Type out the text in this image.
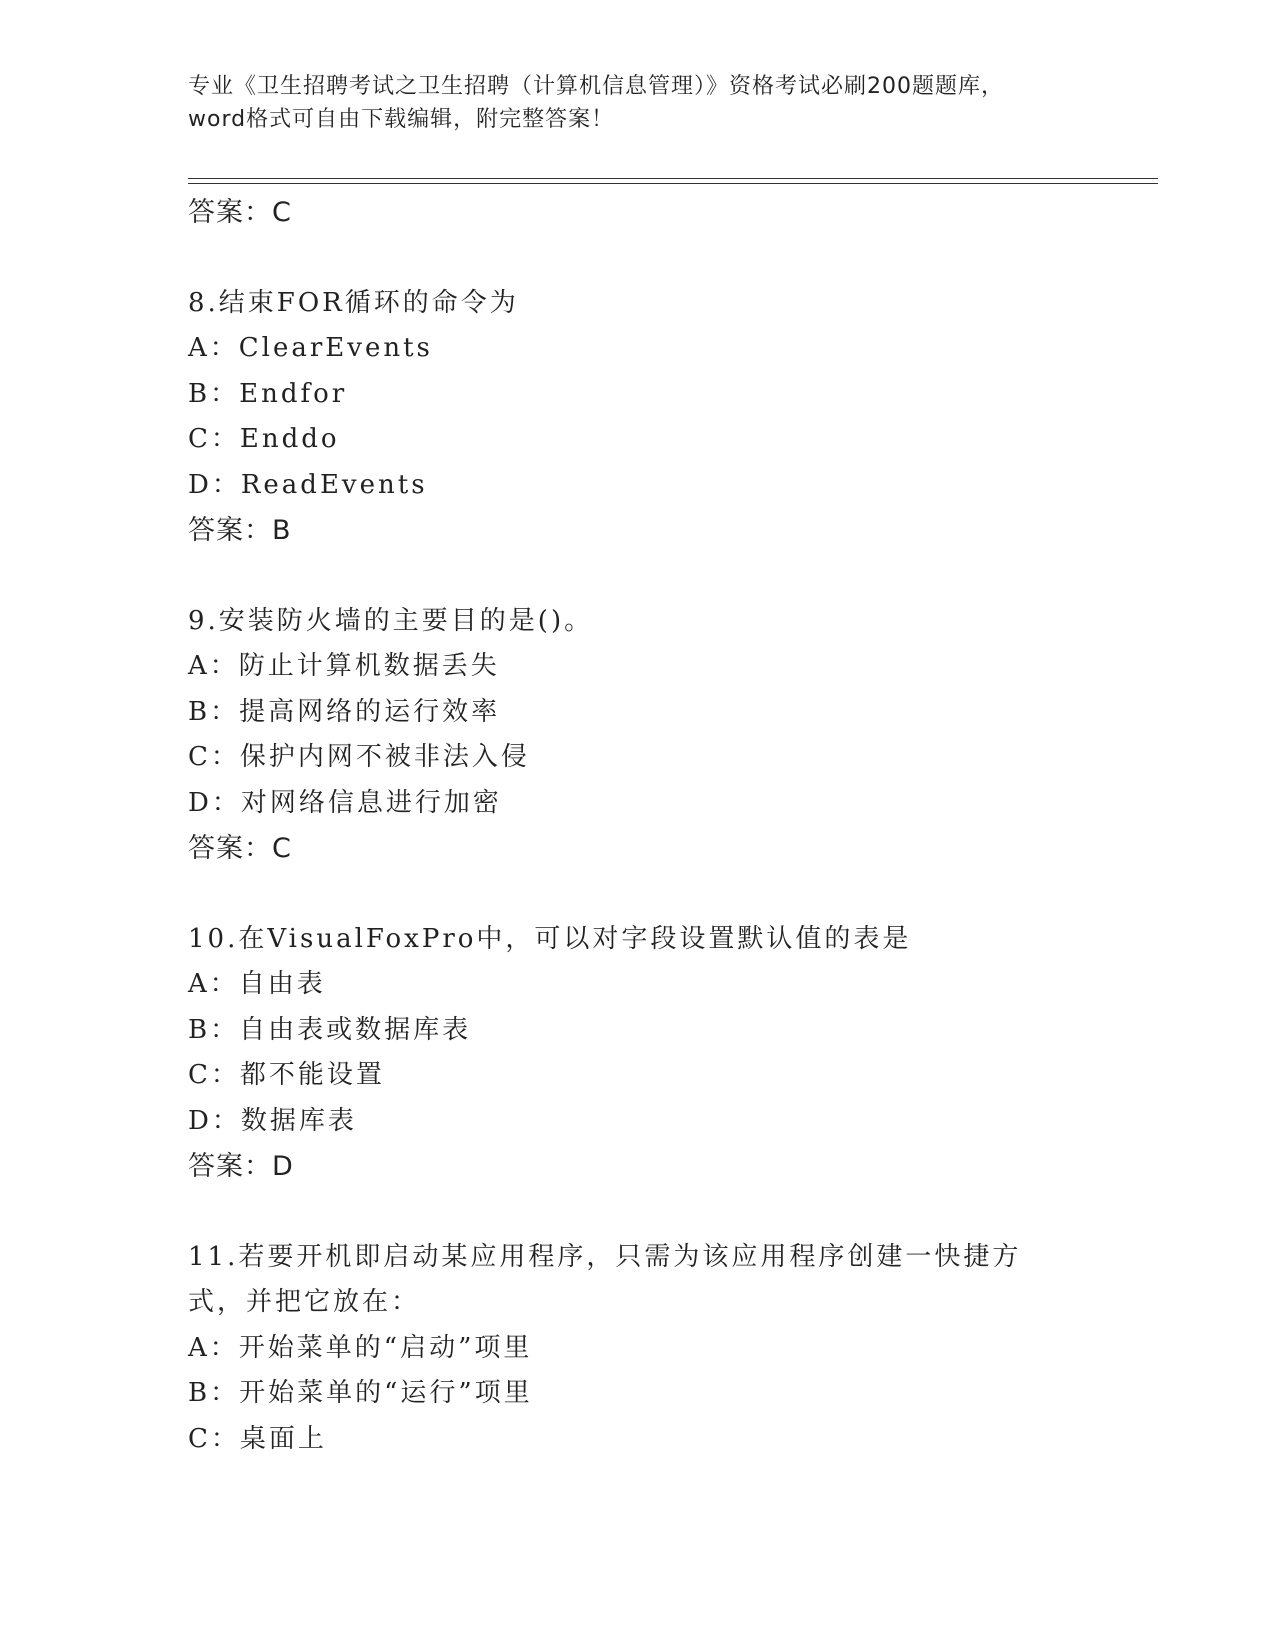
专业《卫生招聘考试之卫生招聘（计算机信息管理）》资格考试必刷200题题库，
word格式可自由下载编辑，附完整答案！
答案：C
8.结束FOR循环的命令为
A：ClearEvents
B：Endfor
C：Enddo
D：ReadEvents
答案：B
9.安装防火墙的主要目的是()。
A：防止计算机数据丢失
B：提高网络的运行效率
C：保护内网不被非法入侵
D：对网络信息进行加密
答案：C
10.在VisualFoxPro中，可以对字段设置默认值的表是
A：自由表
B：自由表或数据库表
C：都不能设置
D：数据库表
答案：D
11.若要开机即启动某应用程序，只需为该应用程序创建一快捷方式，并把它放在：
A：开始菜单的“启动”项里
B：开始菜单的“运行”项里
C：桌面上
